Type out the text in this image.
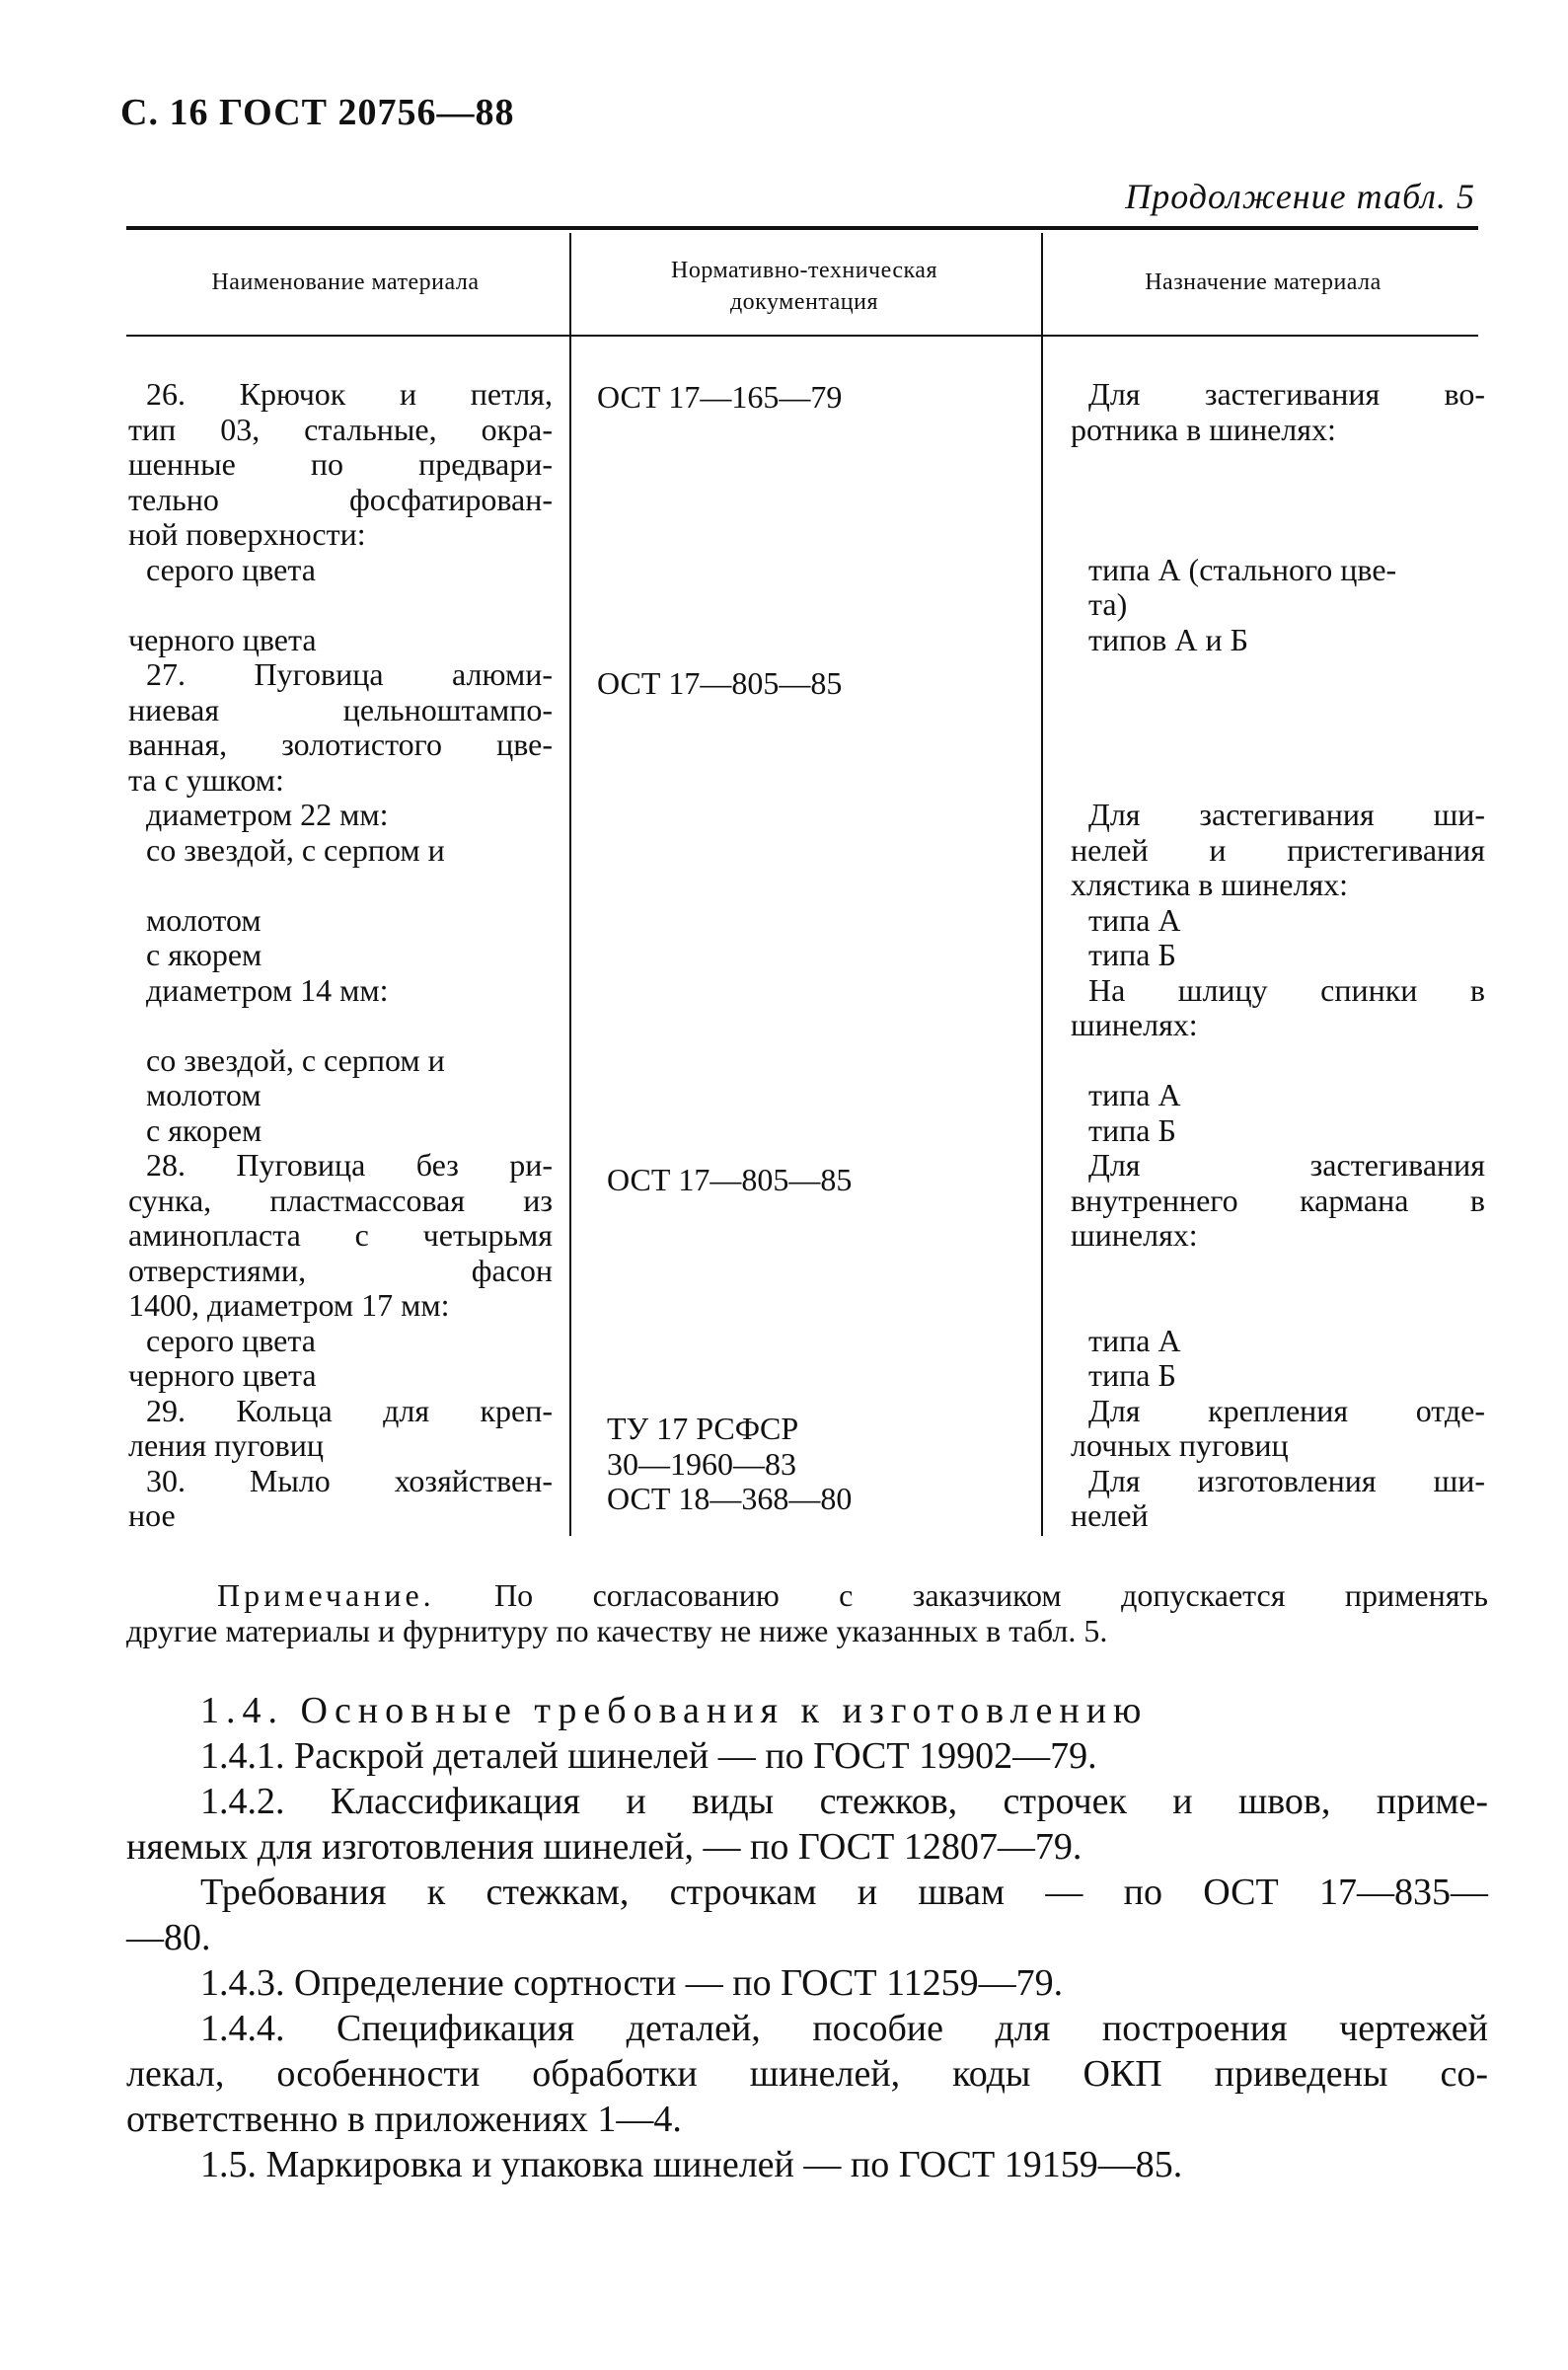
С. 16 ГОСТ 20756—88
Продолжение табл. 5
Наименование материала	Нормативно-техническая документация
Назначение материала
26. Крючок и петля,
тип 03, стальные, окра-
шенные по предвари-
тельно фосфатирован-
ной поверхности:
серого цвета
черного цвета
27. Пуговица алюми-
ниевая цельноштампо-
ванная, золотистого цве-
та с ушком:
диаметром 22 мм:
со звездой, с серпом и
молотом
с якорем
диаметром 14 мм:
со звездой, с серпом и
молотом
с якорем
28. Пуговица без ри-
сунка, пластмассовая из
аминопласта с четырьмя
отверстиями, фасон
1400, диаметром 17 мм:
серого цвета
черного цвета
29. Кольца для креп-
ления пуговиц
30. Мыло хозяйствен-
ное
ОСТ 17—165—79
ОСТ 17—805—85
ОСТ 17—805—85
ТУ 17 РСФСР
30—1960—83
ОСТ 18—368—80
Для застегивания во-
ротника в шинелях:
типа А (стального цве-
та)
типов А и Б
Для застегивания ши-
нелей и пристегивания
хлястика в шинелях:
типа А
типа Б
На шлицу спинки в
шинелях:
типа А
типа Б
Для застегивания
внутреннего кармана в
шинелях:
типа А
типа Б
Для крепления отде-
лочных пуговиц
Для изготовления ши-
нелей
Примечание. По согласованию с заказчиком допускается применять
другие материалы и фурнитуру по качеству не ниже указанных в табл. 5.
1.4. Основные требования к изготовлению
1.4.1. Раскрой деталей шинелей — по ГОСТ 19902—79.
1.4.2. Классификация и виды стежков, строчек и швов, приме-
няемых для изготовления шинелей, — по ГОСТ 12807—79.
Требования к стежкам, строчкам и швам — по ОСТ 17—835—
—80.
1.4.3. Определение сортности — по ГОСТ 11259—79.
1.4.4. Спецификация деталей, пособие для построения чертежей
лекал, особенности обработки шинелей, коды ОКП приведены со-
ответственно в приложениях 1—4.
1.5. Маркировка и упаковка шинелей — по ГОСТ 19159—85.
